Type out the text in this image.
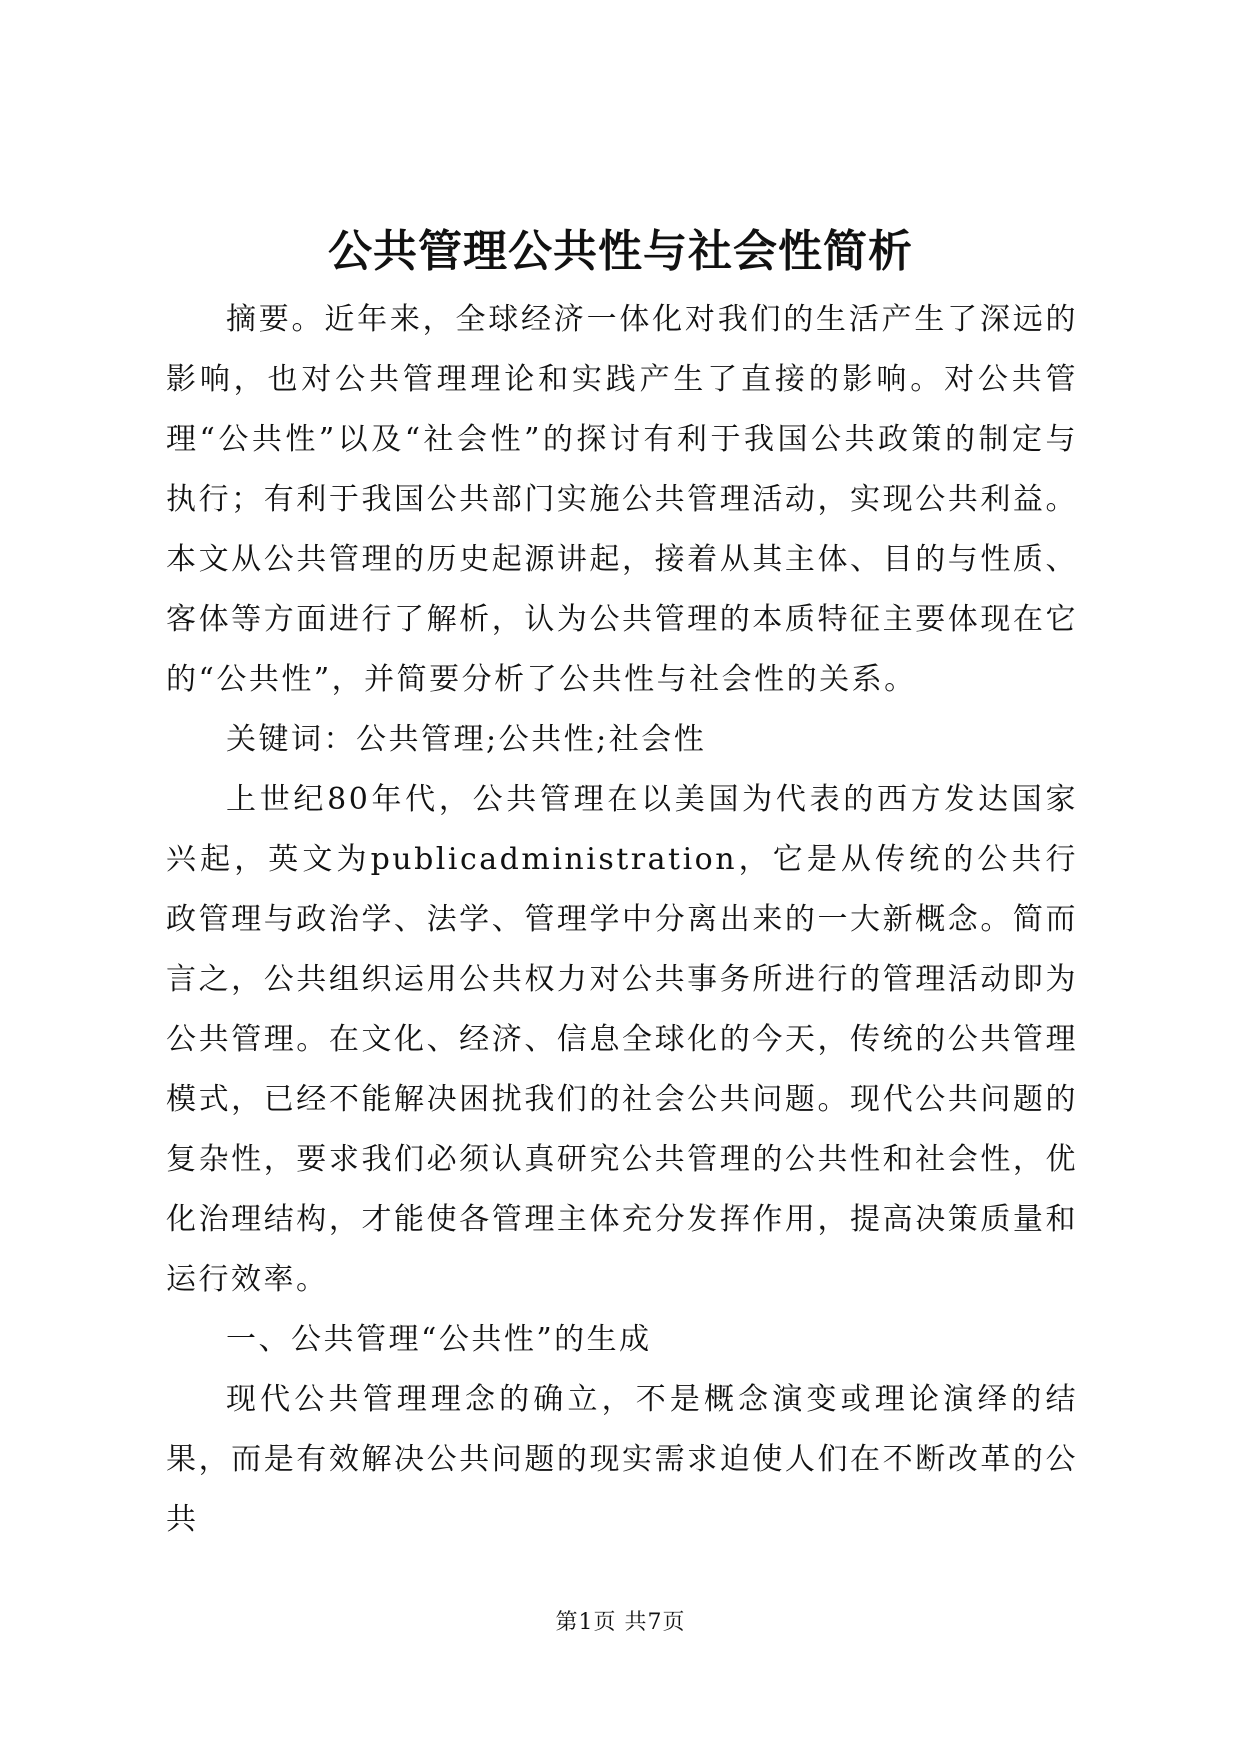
公共管理公共性与社会性简析

摘要。近年来，全球经济一体化对我们的生活产生了深远的影响，也对公共管理理论和实践产生了直接的影响。对公共管理“公共性”以及“社会性”的探讨有利于我国公共政策的制定与执行；有利于我国公共部门实施公共管理活动，实现公共利益。本文从公共管理的历史起源讲起，接着从其主体、目的与性质、客体等方面进行了解析，认为公共管理的本质特征主要体现在它的“公共性”，并简要分析了公共性与社会性的关系。

关键词：公共管理;公共性;社会性

上世纪80年代，公共管理在以美国为代表的西方发达国家兴起，英文为publicadministration，它是从传统的公共行政管理与政治学、法学、管理学中分离出来的一大新概念。简而言之，公共组织运用公共权力对公共事务所进行的管理活动即为公共管理。在文化、经济、信息全球化的今天，传统的公共管理模式，已经不能解决困扰我们的社会公共问题。现代公共问题的复杂性，要求我们必须认真研究公共管理的公共性和社会性，优化治理结构，才能使各管理主体充分发挥作用，提高决策质量和运行效率。

一、公共管理“公共性”的生成

现代公共管理理念的确立，不是概念演变或理论演绎的结果，而是有效解决公共问题的现实需求迫使人们在不断改革的公共

第1页 共7页
